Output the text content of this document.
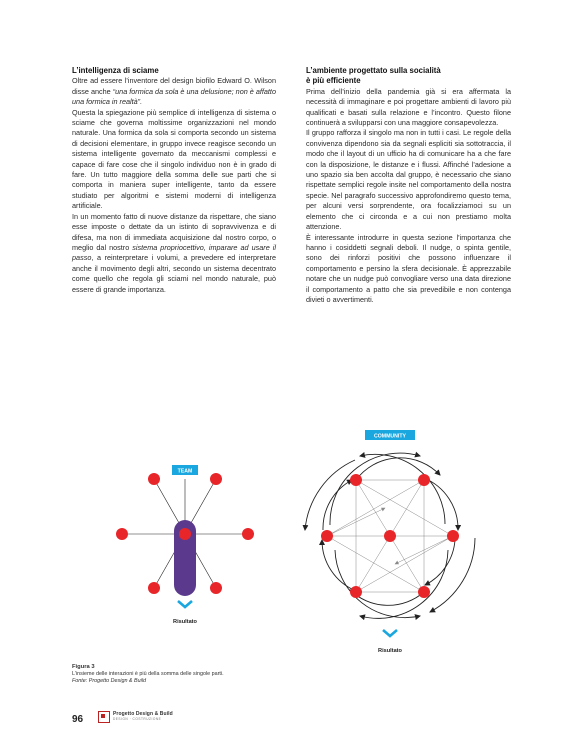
L’intelligenza di sciame

Oltre ad essere l’inventore del design biofilo Edward O. Wilson disse anche “una formica da sola è una delusione; non è affatto una formica in realtà”.

Questa la spiegazione più semplice di intelligenza di sistema o sciame che governa moltissime organizzazioni nel mondo naturale. Una formica da sola si comporta secondo un sistema di decisioni elementare, in gruppo invece reagisce secondo un sistema intelligente governato da meccanismi complessi e capace di fare cose che il singolo individuo non è in grado di fare. Un tutto maggiore della somma delle sue parti che si comporta in maniera super intelligente, tanto da essere studiato per algoritmi e sistemi moderni di intelligenza artificiale.

In un momento fatto di nuove distanze da rispettare, che siano esse imposte o dettate da un istinto di sopravvivenza e di difesa, ma non di immediata acquisizione dal nostro corpo, o meglio dal nostro sistema propriocettivo, imparare ad usare il passo, a reinterpretare i volumi, a prevedere ed interpretare anche il movimento degli altri, secondo un sistema decentrato come quello che regola gli sciami nel mondo naturale, può essere di grande importanza.

L’ambiente progettato sulla socialità
è più efficiente

Prima dell’inizio della pandemia già si era affermata la necessità di immaginare e poi progettare ambienti di lavoro più qualificati e basati sulla relazione e l’incontro. Questo filone continuerà a svilupparsi con una maggiore consapevolezza.

Il gruppo rafforza il singolo ma non in tutti i casi. Le regole della convivenza dipendono sia da segnali espliciti sia sottotraccia, il modo che il layout di un ufficio ha di comunicare ha a che fare con la disposizione, le distanze e i flussi. Affinché l’adesione a uno spazio sia ben accolta dal gruppo, è necessario che siano rispettate semplici regole insite nel comportamento della nostra specie. Nel paragrafo successivo approfondiremo questo tema, per alcuni versi sorprendente, ora focalizziamoci su un elemento che ci circonda e a cui non prestiamo molta attenzione.

È interessante introdurre in questa sezione l’importanza che hanno i cosiddetti segnali deboli. Il nudge, o spinta gentile, sono dei rinforzi positivi che possono influenzare il comportamento e persino la sfera decisionale. È apprezzabile notare che un nudge può convogliare verso una data direzione il comportamento a patto che sia prevedibile e non contenga divieti o avvertimenti.

TEAM
Risultato
COMMUNITY
Risultato
Figura 3
L’insieme delle interazioni è più della somma delle singole parti.
Fonte: Progetto Design & Build
96	Progetto Design & Build
DESIGN · COSTRUZIONE
